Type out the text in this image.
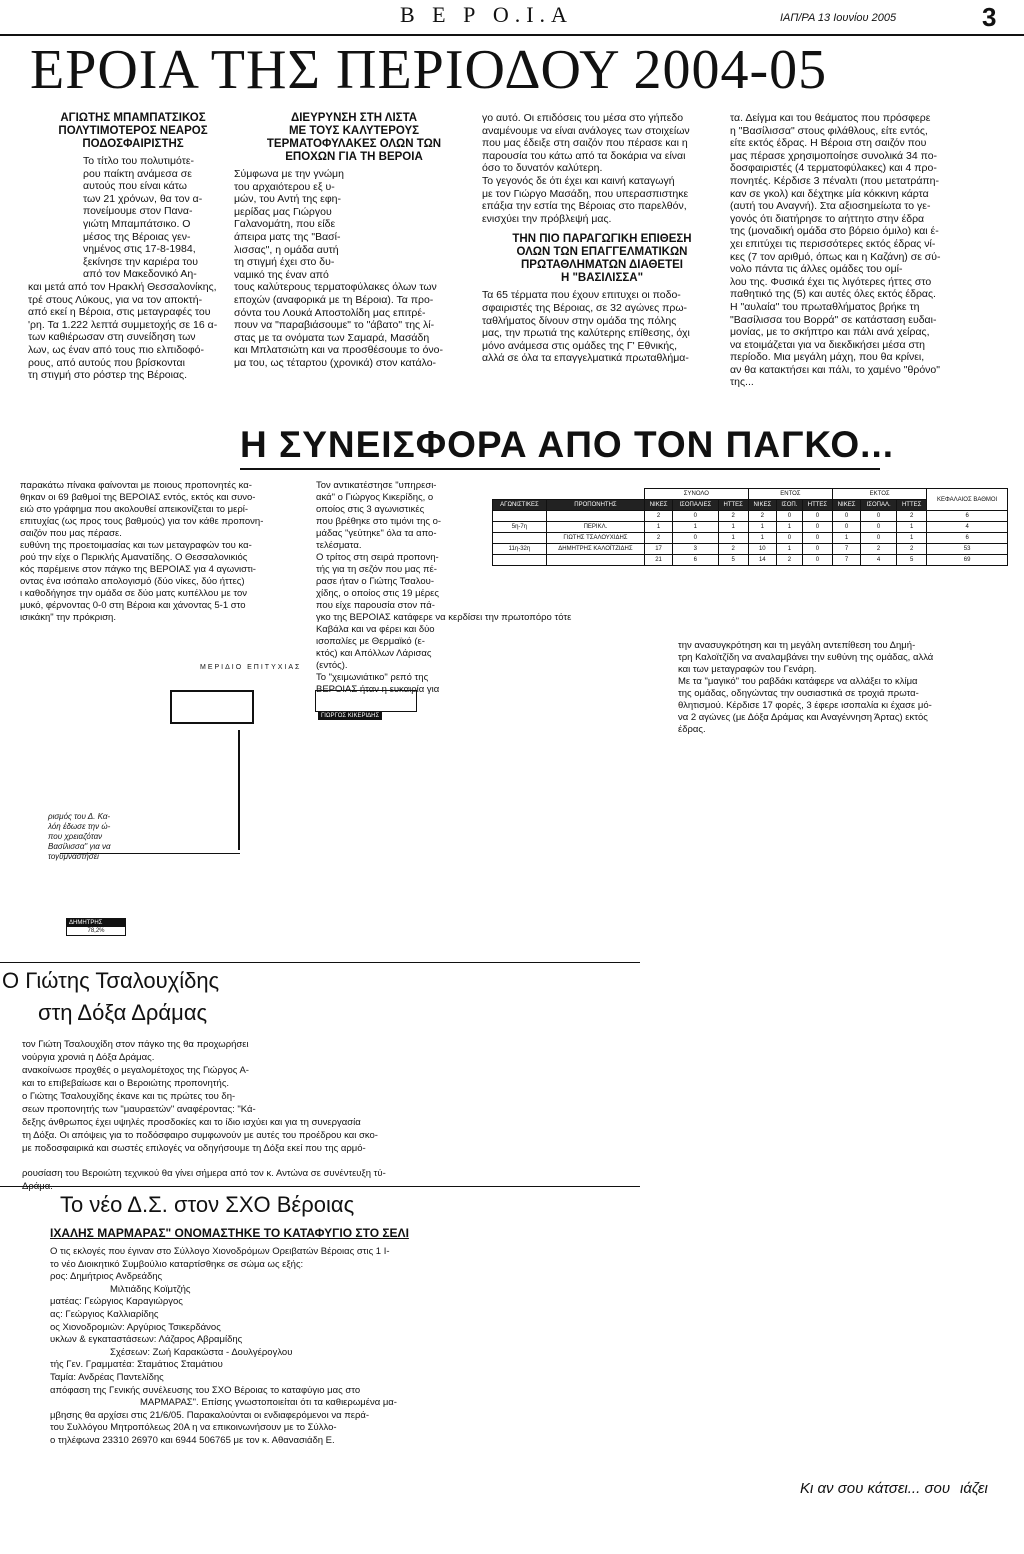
Β Ε Ρ Ο.Ι.Α	ΙΑΠ/ΡΑ 13 Ιουνίου 2005	3
ΕΡΟΙΑ ΤΗΣ ΠΕΡΙΟΔΟΥ 2004-05
ΑΓΙΩΤΗΣ ΜΠΑΜΠΑΤΣΙΚΟΣ
ΠΟΛΥΤΙΜΟΤΕΡΟΣ ΝΕΑΡΟΣ
ΠΟΔΟΣΦΑΙΡΙΣΤΗΣ

Το τίτλο του πολυτιμότε-

ρου παίκτη ανάμεσα σε

αυτούς που είναι κάτω

των 21 χρόνων, θα τον α-

πονείμουμε στον Πανα-

γιώτη Μπαμπάτσικο. Ο

μέσος της Βέροιας γεν-

νημένος στις 17-8-1984,

ξεκίνησε την καριέρα του

από τον Μακεδονικό Αη-

και μετά από τον Ηρακλή Θεσσαλονίκης,

τρέ στους Λύκους, για να τον αποκτή-

από εκεί η Βέροια, στις μεταγραφές του

'ρη. Τα 1.222 λεπτά συμμετοχής σε 16 α-

των καθιέρωσαν στη συνείδηση των

λων, ως έναν από τους πιο ελπιδοφό-

ρους, από αυτούς που βρίσκονται

τη στιγμή στο ρόστερ της Βέροιας.

ΔΙΕΥΡΥΝΣΗ ΣΤΗ ΛΙΣΤΑ
ΜΕ ΤΟΥΣ ΚΑΛΥΤΕΡΟΥΣ
ΤΕΡΜΑΤΟΦΥΛΑΚΕΣ ΟΛΩΝ ΤΩΝ
ΕΠΟΧΩΝ ΓΙΑ ΤΗ ΒΕΡΟΙΑ

Σύμφωνα με την γνώμη

του αρχαιότερου εξ υ-

μών, του Αντή της εφη-

μερίδας μας Γιώργου

Γαλανομάτη, που είδε

άπειρα ματς της "Βασί-

λισσας", η ομάδα αυτή

τη στιγμή έχει στο δυ-

ναμικό της έναν από

τους καλύτερους τερματοφύλακες όλων των

εποχών (αναφορικά με τη Βέροια). Τα προ-

σόντα του Λουκά Αποστολίδη μας επιτρέ-

πουν να "παραβιάσουμε" το "άβατο" της λί-

στας με τα ονόματα των Σαμαρά, Μασάδη

και Μπλατσιώτη και να προσθέσουμε το όνο-

μα του, ως τέταρτου (χρονικά) στον κατάλο-

γο αυτό. Οι επιδόσεις του μέσα στο γήπεδο

αναμένουμε να είναι ανάλογες των στοιχείων

που μας έδειξε στη σαιζόν που πέρασε και η

παρουσία του κάτω από τα δοκάρια να είναι

όσο το δυνατόν καλύτερη.

Το γεγονός δε ότι έχει και καινή καταγωγή

με τον Γιώργο Μασάδη, που υπερασπιστηκε

επάξια την εστία της Βέροιας στο παρελθόν,

ενισχύει την πρόβλεψή μας.

ΤΗΝ ΠΙΟ ΠΑΡΑΓΩΓΙΚΗ ΕΠΙΘΕΣΗ
ΟΛΩΝ ΤΩΝ ΕΠΑΓΓΕΛΜΑΤΙΚΩΝ
ΠΡΩΤΑΘΛΗΜΑΤΩΝ ΔΙΑΘΕΤΕΙ
Η "ΒΑΣΙΛΙΣΣΑ"

Τα 65 τέρματα που έχουν επιτυχει οι ποδο-

σφαιριστές της Βέροιας, σε 32 αγώνες πρω-

ταθλήματος δίνουν στην ομάδα της πόλης

μας, την πρωτιά της καλύτερης επίθεσης, όχι

μόνο ανάμεσα στις ομάδες της Γ' Εθνικής,

αλλά σε όλα τα επαγγελματικά πρωταθλήμα-

τα. Δείγμα και του θεάματος που πρόσφερε

η "Βασίλισσα" στους φιλάθλους, είτε εντός,

είτε εκτός έδρας. Η Βέροια στη σαιζόν που

μας πέρασε χρησιμοποίησε συνολικά 34 πο-

δοσφαιριστές (4 τερματοφύλακες) και 4 προ-

πονητές. Κέρδισε 3 πέναλτι (που μετατράπη-

καν σε γκολ) και δέχτηκε μία κόκκινη κάρτα

(αυτή του Αναγνή). Στα αξιοσημείωτα το γε-

γονός ότι διατήρησε το αήττητο στην έδρα

της (μοναδική ομάδα στο βόρειο όμιλο) και έ-

χει επιτύχει τις περισσότερες εκτός έδρας νί-

κες (7 τον αριθμό, όπως και η Καζάνη) σε σύ-

νολο πάντα τις άλλες ομάδες του ομί-

λου της. Φυσικά έχει τις λιγότερες ήττες στο

παθητικό της (5) και αυτές όλες εκτός έδρας.

Η "αυλαία" του πρωταθλήματος βρήκε τη

"Βασίλισσα του Βορρά" σε κατάσταση ευδαι-

μονίας, με το σκήπτρο και πάλι ανά χείρας,

να ετοιμάζεται για να διεκδικήσει μέσα στη

περίοδο. Μια μεγάλη μάχη, που θα κρίνει,

αν θα κατακτήσει και πάλι, το χαμένο "θρόνο"

της...

Η ΣΥΝΕΙΣΦΟΡΑ ΑΠΟ ΤΟΝ ΠΑΓΚΟ...

παρακάτω πίνακα φαίνονται με ποιους προπονητές κα-

θηκαν οι 69 βαθμοί της ΒΕΡΟΙΑΣ εντός, εκτός και συνο-

ειώ στο γράφημα που ακολουθεί απεικονίζεται το μερί-

επιτυχίας (ως προς τους βαθμούς) για τον κάθε προπονη-

σαιζόν που μας πέρασε.

ευθύνη της προετοιμασίας και των μεταγραφών του κα-

ρού την είχε ο Περικλής Αμανατίδης. Ο Θεσσαλονικιός

κός παρέμεινε στον πάγκο της ΒΕΡΟΙΑΣ για 4 αγωνιστι-

οντας ένα ισόπαλο απολογισμό (δύο νίκες, δύο ήττες)

ι καθοδήγησε την ομάδα σε δύο ματς κυπέλλου με τον

μυκό, φέρνοντας 0-0 στη Βέροια και χάνοντας 5-1 στο

ισικάκη" την πρόκριση.

Τον αντικατέστησε "υπηρεσι-

ακά" ο Γιώργος Κικερίδης, ο

οποίος στις 3 αγωνιστικές

που βρέθηκε στο τιμόνι της ο-

μάδας "γεύτηκε" όλα τα απο-

τελέσματα.

Ο τρίτος στη σειρά προπονη-

τής για τη σεζόν που μας πέ-

ρασε ήταν ο Γιώτης Τσαλου-

χίδης, ο οποίος στις 19 μέρες

που είχε παρουσία στον πά-

γκο της ΒΕΡΟΙΑΣ κατάφερε να κερδίσει την πρωτοπόρο τότε

Καβάλα και να φέρει και δύο

ισοπαλίες με Θερμαϊκό (ε-

κτός) και Απόλλων Λάρισας

(εντός).

Το "χειμωνιάτικο" ρεπό της

ΒΕΡΟΙΑΣ ήταν η ευκαιρία για

		ΣΥΝΟΛΟ			ΕΝΤΟΣ			ΕΚΤΟΣ			ΚΕΦΑΛΑΙΟΣ ΒΑΘΜΟΙ
ΑΓΩΝΙΣΤΙΚΕΣ	ΠΡΟΠΟΝΗΤΗΣ	ΝΙΚΕΣ	ΙΣΟΠΑΛΙΕΣ	ΗΤΤΕΣ	ΝΙΚΕΣ	ΙΣΟΠ.	ΗΤΤΕΣ	ΝΙΚΕΣ	ΙΣΟΠΑΛ.	ΗΤΤΕΣ	
		2	0	2	2	0	0	0	0	2	6
5η-7η	ΠΕΡΙΚΛ.	1	1	1	1	1	0	0	0	1	4
	ΓΙΩΤΗΣ ΤΣΑΛΟΥΧΙΔΗΣ	2	0	1	1	0	0	1	0	1	6
11η-32η	ΔΗΜΗΤΡΗΣ ΚΑΛΟΪΤΖΙΔΗΣ	17	3	2	10	1	0	7	2	2	53
		21	6	5	14	2	0	7	4	5	69

την ανασυγκρότηση και τη μεγάλη αντεπίθεση του Δημή-

τρη Καλοϊτζίδη να αναλαμβάνει την ευθύνη της ομάδας, αλλά

και των μεταγραφών του Γενάρη.

Με τα "μαγικό" του ραβδάκι κατάφερε να αλλάξει το κλίμα

της ομάδας, οδηγώντας την ουσιαστικά σε τροχιά πρωτα-

θλητισμού. Κέρδισε 17 φορές, 3 έφερε ισοπαλία κι έχασε μό-

να 2 αγώνες (με Δόξα Δράμας και Αναγέννηση Άρτας) εκτός

έδρας.

ΜΕΡΙΔΙΟ ΕΠΙΤΥΧΙΑΣ
ΓΙΩΡΓΟΣ ΚΙΚΕΡΙΔΗΣ
ρισμός του Δ. Κα-
λόη έδωσε την ώ-
που χρειαζόταν
Βασίλισσα" για να
τογυμναστήσει
ΔΗΜΗΤΡΗΣ
78,2%
Ο Γιώτης Τσαλουχίδης
στη Δόξα Δράμας

τον Γιώτη Τσαλουχίδη στον πάγκο της θα προχωρήσει

νούργια χρονιά η Δόξα Δράμας.

ανακοίνωσε προχθές ο μεγαλομέτοχος της Γιώργος Α-

και το επιβεβαίωσε και ο Βεροιώτης προπονητής.

ο Γιώτης Τσαλουχίδης έκανε και τις πρώτες του δη-

σεων προπονητής των "μαυραετών" αναφέροντας: "Κά-

δεξης άνθρωπος έχει υψηλές προσδοκίες και το ίδιο ισχύει και για τη συνεργασία

τη Δόξα. Οι απόψεις για το ποδόσφαιρο συμφωνούν με αυτές του προέδρου και σκο-

με ποδοσφαιρικά και σωστές επιλογές να οδηγήσουμε τη Δόξα εκεί που της αρμό-

ρουσίαση του Βεροιώτη τεχνικού θα γίνει σήμερα από τον κ. Αντώνα σε συνέντευξη τύ-

Το νέο Δ.Σ. στον ΣΧΟ Βέροιας
ΙΧΑΛΗΣ ΜΑΡΜΑΡΑΣ" ΟΝΟΜΑΣΤΗΚΕ ΤΟ ΚΑΤΑΦΥΓΙΟ ΣΤΟ ΣΕΛΙ

Ο τις εκλογές που έγιναν στο Σύλλογο Χιονοδρόμων Ορειβατών Βέροιας στις 1 Ι-

το νέο Διοικητικό Συμβούλιο καταρτίσθηκε σε σώμα ως εξής:

ρος: Δημήτριος Ανδρεάδης

Μιλτιάδης Κοϊμτζής

ματέας: Γεώργιος Καραγιώργος

ας: Γεώργιος Καλλιαρίδης

ος Χιονοδρομιών: Αργύριος Τσικερδάνος

υκλων & εγκαταστάσεων: Λάζαρος Αβραμίδης

Σχέσεων: Ζωή Καρακώστα - Δουλγέρογλου

τής Γεν. Γραμματέα: Σταμάτιος Σταμάτιου

Ταμία: Ανδρέας Παντελίδης

απόφαση της Γενικής συνέλευσης του ΣΧΟ Βέροιας το καταφύγιο μας στο

ΜΑΡΜΑΡΑΣ". Επίσης γνωστοποιείται ότι τα καθιερωμένα μα-

μβησης θα αρχίσει στις 21/6/05. Παρακαλούνται οι ενδιαφερόμενοι να περά-

του Συλλόγου Μητροπόλεως 20Α η να επικοινωνήσουν με το Σύλλο-

ο τηλέφωνα 23310 26970 και 6944 506765 με τον κ. Αθανασιάδη Ε.

Κι αν σου κάτσει... σου ιάζει
